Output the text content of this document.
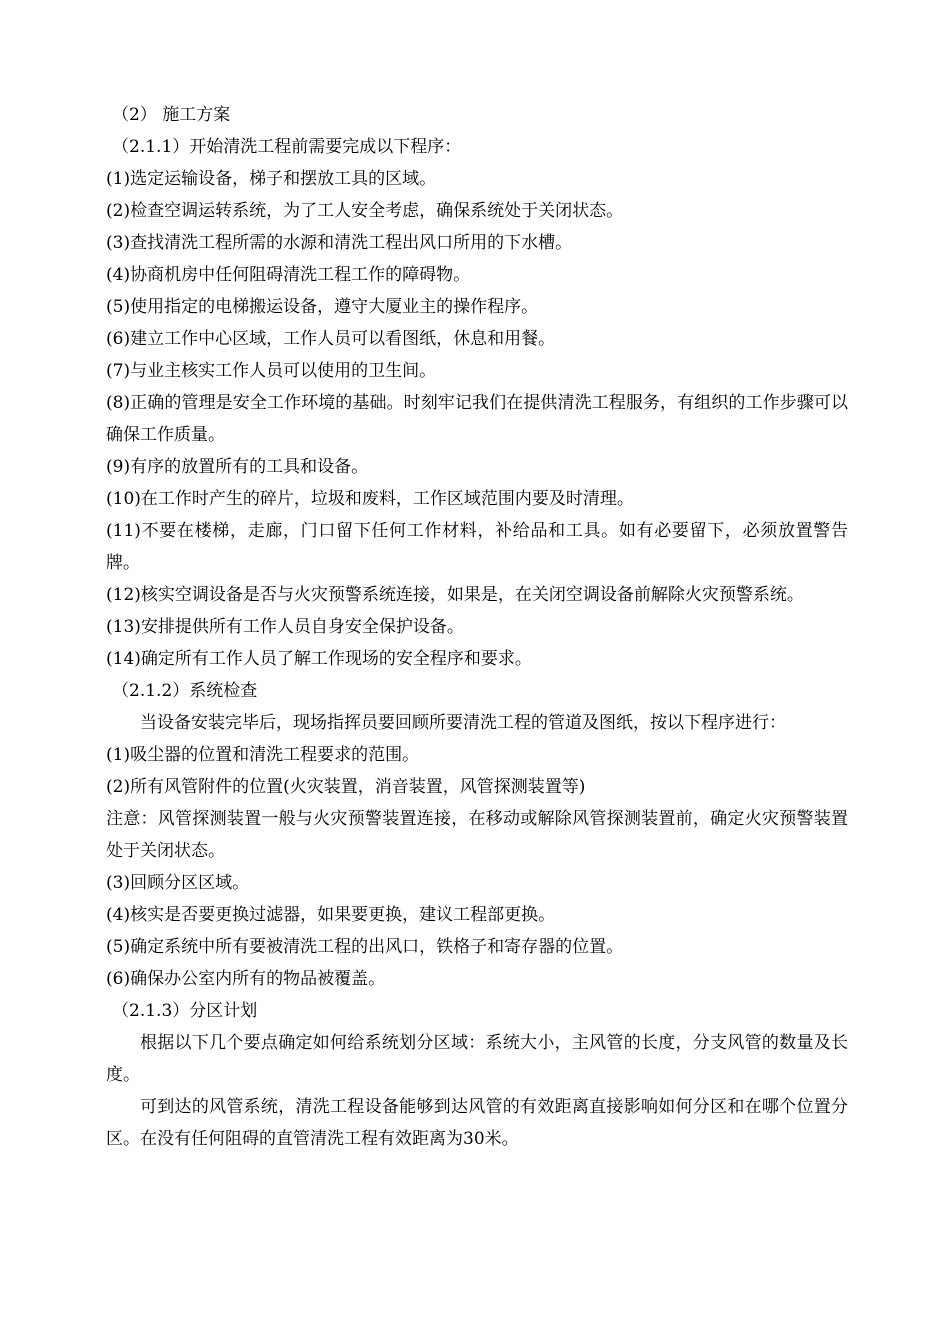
（2） 施工方案

（2.1.1）开始清洗工程前需要完成以下程序：

(1)选定运输设备，梯子和摆放工具的区域。

(2)检查空调运转系统，为了工人安全考虑，确保系统处于关闭状态。

(3)查找清洗工程所需的水源和清洗工程出风口所用的下水槽。

(4)协商机房中任何阻碍清洗工程工作的障碍物。

(5)使用指定的电梯搬运设备，遵守大厦业主的操作程序。

(6)建立工作中心区域，工作人员可以看图纸，休息和用餐。

(7)与业主核实工作人员可以使用的卫生间。

(8)正确的管理是安全工作环境的基础。时刻牢记我们在提供清洗工程服务，有组织的工作步骤可以确保工作质量。

(9)有序的放置所有的工具和设备。

(10)在工作时产生的碎片，垃圾和废料，工作区域范围内要及时清理。

(11)不要在楼梯，走廊，门口留下任何工作材料，补给品和工具。如有必要留下，必须放置警告牌。

(12)核实空调设备是否与火灾预警系统连接，如果是，在关闭空调设备前解除火灾预警系统。

(13)安排提供所有工作人员自身安全保护设备。

(14)确定所有工作人员了解工作现场的安全程序和要求。

（2.1.2）系统检查

当设备安装完毕后，现场指挥员要回顾所要清洗工程的管道及图纸，按以下程序进行：

(1)吸尘器的位置和清洗工程要求的范围。

(2)所有风管附件的位置(火灾装置，消音装置，风管探测装置等)

注意：风管探测装置一般与火灾预警装置连接，在移动或解除风管探测装置前，确定火灾预警装置处于关闭状态。

(3)回顾分区区域。

(4)核实是否要更换过滤器，如果要更换，建议工程部更换。

(5)确定系统中所有要被清洗工程的出风口，铁格子和寄存器的位置。

(6)确保办公室内所有的物品被覆盖。

（2.1.3）分区计划

根据以下几个要点确定如何给系统划分区域：系统大小，主风管的长度，分支风管的数量及长度。

可到达的风管系统，清洗工程设备能够到达风管的有效距离直接影响如何分区和在哪个位置分区。在没有任何阻碍的直管清洗工程有效距离为30米。
